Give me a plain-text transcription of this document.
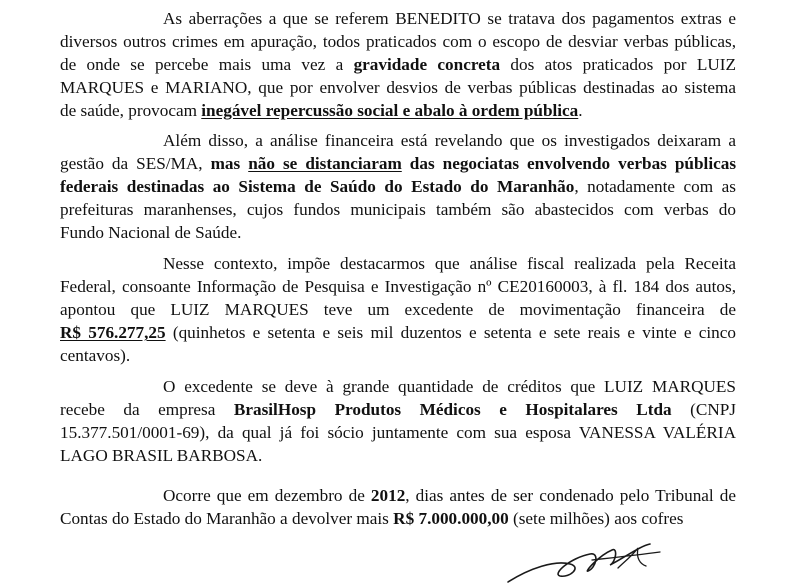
As aberrações a que se referem BENEDITO se tratava dos pagamentos extras e
diversos outros crimes em apuração, todos praticados com o escopo de desviar verbas públicas,
de onde se percebe mais uma vez a gravidade concreta dos atos praticados por LUIZ
MARQUES e MARIANO, que por envolver desvios de verbas públicas destinadas ao sistema
de saúde, provocam inegável repercussão social e abalo à ordem pública.
Além disso, a análise financeira está revelando que os investigados deixaram a
gestão da SES/MA, mas não se distanciaram das negociatas envolvendo verbas públicas
federais destinadas ao Sistema de Saúdo do Estado do Maranhão, notadamente com as
prefeituras maranhenses, cujos fundos municipais também são abastecidos com verbas do
Fundo Nacional de Saúde.
Nesse contexto, impõe destacarmos que análise fiscal realizada pela Receita
Federal, consoante Informação de Pesquisa e Investigação nº CE20160003, à fl. 184 dos autos,
apontou que LUIZ MARQUES teve um excedente de movimentação financeira de
R$ 576.277,25 (quinhetos e setenta e seis mil duzentos e setenta e sete reais e vinte e cinco
centavos).
O excedente se deve à grande quantidade de créditos que LUIZ MARQUES
recebe da empresa BrasilHosp Produtos Médicos e Hospitalares Ltda (CNPJ
15.377.501/0001-69), da qual já foi sócio juntamente com sua esposa VANESSA VALÉRIA
LAGO BRASIL BARBOSA.
Ocorre que em dezembro de 2012, dias antes de ser condenado pelo Tribunal de
Contas do Estado do Maranhão a devolver mais R$ 7.000.000,00 (sete milhões) aos cofres
